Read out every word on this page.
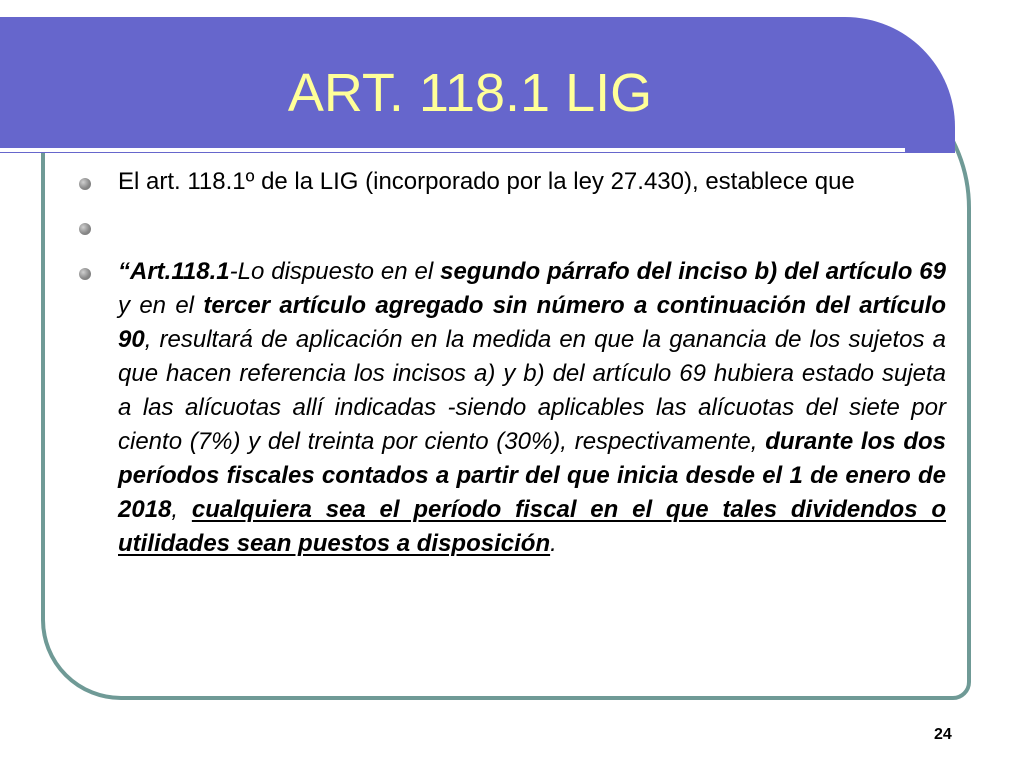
ART. 118.1 LIG
El art. 118.1º de la LIG (incorporado por la ley 27.430), establece que
“Art.118.1-Lo dispuesto en el segundo párrafo del inciso b) del artículo 69 y en el tercer artículo agregado sin número a continuación del artículo 90, resultará de aplicación en la medida en que la ganancia de los sujetos a que hacen referencia los incisos a) y b) del artículo 69 hubiera estado sujeta a las alícuotas allí indicadas -siendo aplicables las alícuotas del siete por ciento (7%) y del treinta por ciento (30%), respectivamente, durante los dos períodos fiscales contados a partir del que inicia desde el 1 de enero de 2018, cualquiera sea el período fiscal en el que tales dividendos o utilidades sean puestos a disposición.
24
